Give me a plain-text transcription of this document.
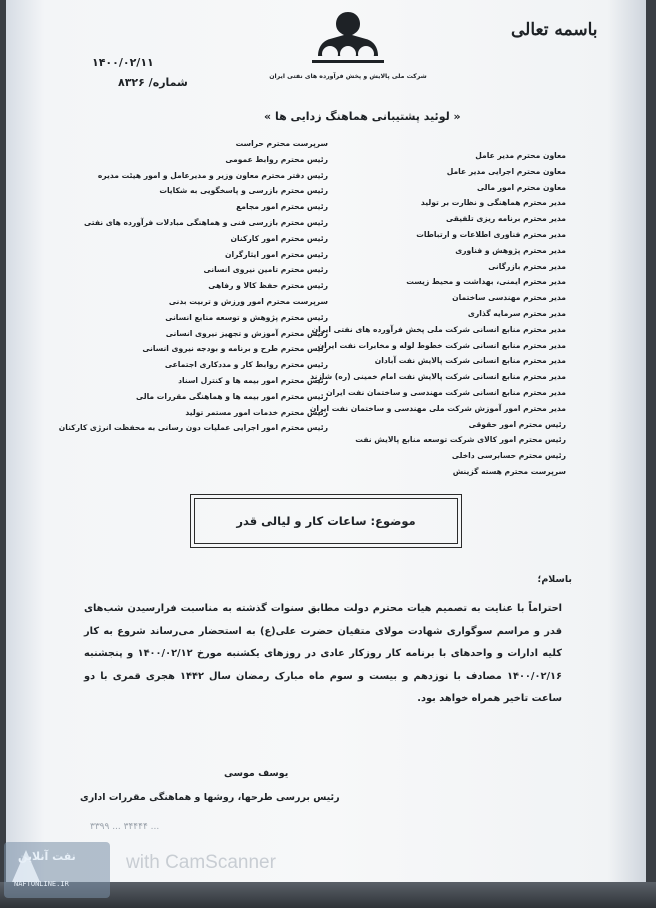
باسمه تعالی
شرکت ملی پالایش و پخش فرآورده های نفتی ایران
۱۴۰۰/۰۲/۱۱
۸۳۲۶ /شماره
« لوئید پشتیبانی هماهنگ زدایی ها »
معاون محترم مدیر عامل
معاون محترم اجرایی مدیر عامل
معاون محترم امور مالی
مدیر محترم هماهنگی و نظارت بر تولید
مدیر محترم برنامه ریزی تلفیقی
مدیر محترم فناوری اطلاعات و ارتباطات
مدیر محترم پژوهش و فناوری
مدیر محترم بازرگانی
مدیر محترم ایمنی، بهداشت و محیط زیست
مدیر محترم مهندسی ساختمان
مدیر محترم سرمایه گذاری
مدیر محترم منابع انسانی شرکت ملی پخش فرآورده های نفتی ایران
مدیر محترم منابع انسانی شرکت خطوط لوله و مخابرات نفت ایران
مدیر محترم منابع انسانی شرکت پالایش نفت آبادان
مدیر محترم منابع انسانی شرکت پالایش نفت امام خمینی (ره) شازند
مدیر محترم منابع انسانی شرکت مهندسی و ساختمان نفت ایران
مدیر محترم امور آموزش شرکت ملی مهندسی و ساختمان نفت ایران
رئیس محترم امور حقوقی
رئیس محترم امور کالای شرکت توسعه منابع پالایش نفت
رئیس محترم حسابرسی داخلی
سرپرست محترم هسته گزینش
سرپرست محترم حراست
رئیس محترم روابط عمومی
رئیس دفتر محترم معاون وزیر و مدیرعامل و امور هیئت مدیره
رئیس محترم بازرسی و پاسخگویی به شکایات
رئیس محترم امور مجامع
رئیس محترم بازرسی فنی و هماهنگی مبادلات فرآورده های نفتی
رئیس محترم امور کارکنان
رئیس محترم امور ایثارگران
رئیس محترم تامین نیروی انسانی
رئیس محترم حفظ کالا و رفاهی
سرپرست محترم امور ورزش و تربیت بدنی
رئیس محترم پژوهش و توسعه منابع انسانی
رئیس محترم آموزش و تجهیز نیروی انسانی
رئیس محترم طرح و برنامه و بودجه نیروی انسانی
رئیس محترم روابط کار و مددکاری اجتماعی
رئیس محترم امور بیمه ها و کنترل اسناد
رئیس محترم امور بیمه ها و هماهنگی مقررات مالی
رئیس محترم خدمات امور مستمر تولید
رئیس محترم امور اجرایی عملیات دون رسانی به محفظت انرژی کارکنان
موضوع: ساعات کار و لیالی قدر
باسلام؛
احتراماً با عنایت به تصمیم هیات محترم دولت مطابق سنوات گذشته به مناسبت فرارسیدن شب‌های قدر و مراسم سوگواری شهادت مولای متقیان حضرت علی(ع) به استحضار می‌رساند شروع به کار کلیه ادارات و واحدهای با برنامه کار روزکار عادی در روزهای یکشنبه مورخ ۱۴۰۰/۰۲/۱۲ و پنجشنبه ۱۴۰۰/۰۲/۱۶ مصادف با نوزدهم و بیست و سوم ماه مبارک رمضان سال ۱۴۴۲ هجری قمری با دو ساعت تاخیر همراه خواهد بود.
یوسف موسی
رئیس بررسی طرحها، روشها و هماهنگی مقررات اداری
۳۳۹۹ ... ۳۴۴۴۴ ...
with CamScanner
نفت آنلاین
NAFTONLINE.IR
